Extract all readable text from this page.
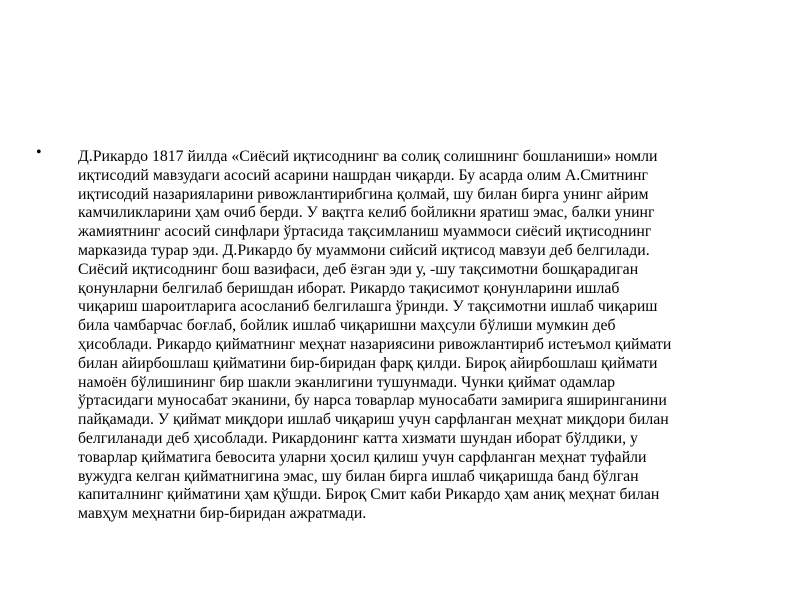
• Д.Рикардо 1817 йилда «Сиёсий иқтисоднинг ва солиқ солишнинг бошланиши» номли
иқтисодий мавзудаги асосий асарини нашрдан чиқарди. Бу асарда олим А.Смитнинг
иқтисодий назарияларини ривожлантирибгина қолмай, шу билан бирга унинг айрим
камчиликларини ҳам очиб берди. У вақтга келиб бойликни яратиш эмас, балки унинг
жамиятнинг асосий синфлари ўртасида тақсимланиш муаммоси сиёсий иқтисоднинг
марказида турар эди. Д.Рикардо бу муаммони сийсий иқтисод мавзуи деб белгилади.
Сиёсий иқтисоднинг бош вазифаси, деб ёзган эди у, -шу тақсимотни бошқарадиган
қонунларни белгилаб беришдан иборат. Рикардо тақисимот қонунларини ишлаб
чиқариш шароитларига асосланиб белгилашга ўринди. У тақсимотни ишлаб чиқариш
била чамбарчас боғлаб, бойлик ишлаб чиқаришни маҳсули бўлиши мумкин деб
ҳисоблади. Рикардо қийматнинг меҳнат назариясини ривожлантириб истеъмол қиймати
билан айирбошлаш қийматини бир-биридан фарқ қилди. Бироқ айирбошлаш қиймати
намоён бўлишининг бир шакли эканлигини тушунмади. Чунки қиймат одамлар
ўртасидаги муносабат эканини, бу нарса товарлар муносабати замирига яширинганини
пайқамади. У қиймат миқдори ишлаб чиқариш учун сарфланган меҳнат миқдори билан
белгиланади деб ҳисоблади. Рикардонинг катта хизмати шундан иборат бўлдики, у
товарлар қийматига бевосита уларни ҳосил қилиш учун сарфланган меҳнат туфайли
вужудга келган қийматнигина эмас, шу билан бирга ишлаб чиқаришда банд бўлган
капиталнинг қийматини ҳам қўшди. Бироқ Смит каби Рикардо ҳам аниқ меҳнат билан
мавҳум меҳнатни бир-биридан ажратмади.
